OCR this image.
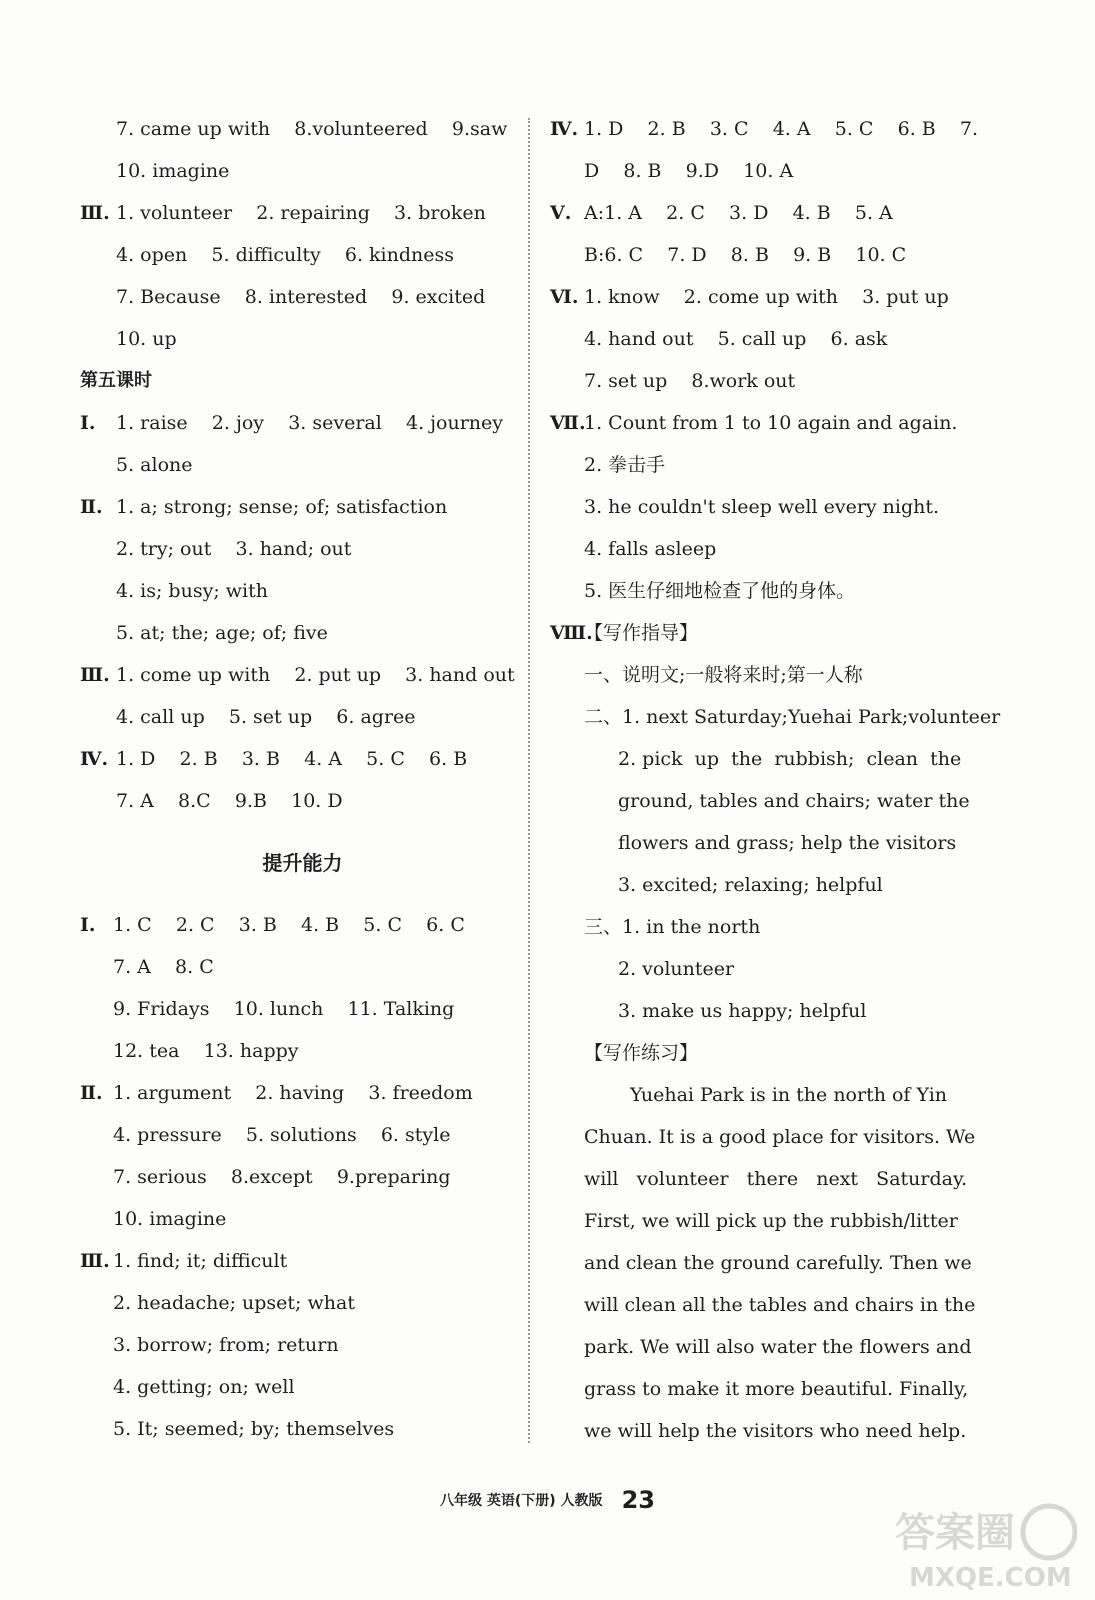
7. came up with    8.volunteered    9.saw
10. imagine
Ⅲ. 1. volunteer    2. repairing    3. broken
4. open    5. difficulty    6. kindness
7. Because    8. interested    9. excited
10. up
第五课时
Ⅰ. 1. raise    2. joy    3. several    4. journey
5. alone
Ⅱ. 1. a; strong; sense; of; satisfaction
2. try; out    3. hand; out
4. is; busy; with
5. at; the; age; of; five
Ⅲ. 1. come up with    2. put up    3. hand out
4. call up    5. set up    6. agree
Ⅳ. 1. D    2. B    3. B    4. A    5. C    6. B
7. A    8.C    9.B    10. D
提升能力
Ⅰ. 1. C    2. C    3. B    4. B    5. C    6. C
7. A    8. C
9. Fridays    10. lunch    11. Talking
12. tea    13. happy
Ⅱ. 1. argument    2. having    3. freedom
4. pressure    5. solutions    6. style
7. serious    8.except    9.preparing
10. imagine
Ⅲ. 1. find; it; difficult
2. headache; upset; what
3. borrow; from; return
4. getting; on; well
5. It; seemed; by; themselves
Ⅳ. 1. D    2. B    3. C    4. A    5. C    6. B    7.
D    8. B    9.D    10. A
Ⅴ. A:1. A    2. C    3. D    4. B    5. A
B:6. C    7. D    8. B    9. B    10. C
Ⅵ. 1. know    2. come up with    3. put up
4. hand out    5. call up    6. ask
7. set up    8.work out
Ⅶ.
1. Count from 1 to 10 again and again.
2. 拳击手
3. he couldn't sleep well every night.
4. falls asleep
5. 医生仔细地检查了他的身体。
Ⅷ.
【写作指导】
一、说明文;一般将来时;第一人称
二、1. next Saturday;Yuehai Park;volunteer
2. pick  up  the  rubbish;  clean  the
ground, tables and chairs; water the
flowers and grass; help the visitors
3. excited; relaxing; helpful
三、1. in the north
2. volunteer
3. make us happy; helpful
【写作练习】
Yuehai Park is in the north of Yin
Chuan. It is a good place for visitors. We
will   volunteer   there   next   Saturday.
First, we will pick up the rubbish/litter
and clean the ground carefully. Then we
will clean all the tables and chairs in the
park. We will also water the flowers and
grass to make it more beautiful. Finally,
we will help the visitors who need help.
八年级 英语(下册) 人教版 23
答案圈
MXQE.COM
